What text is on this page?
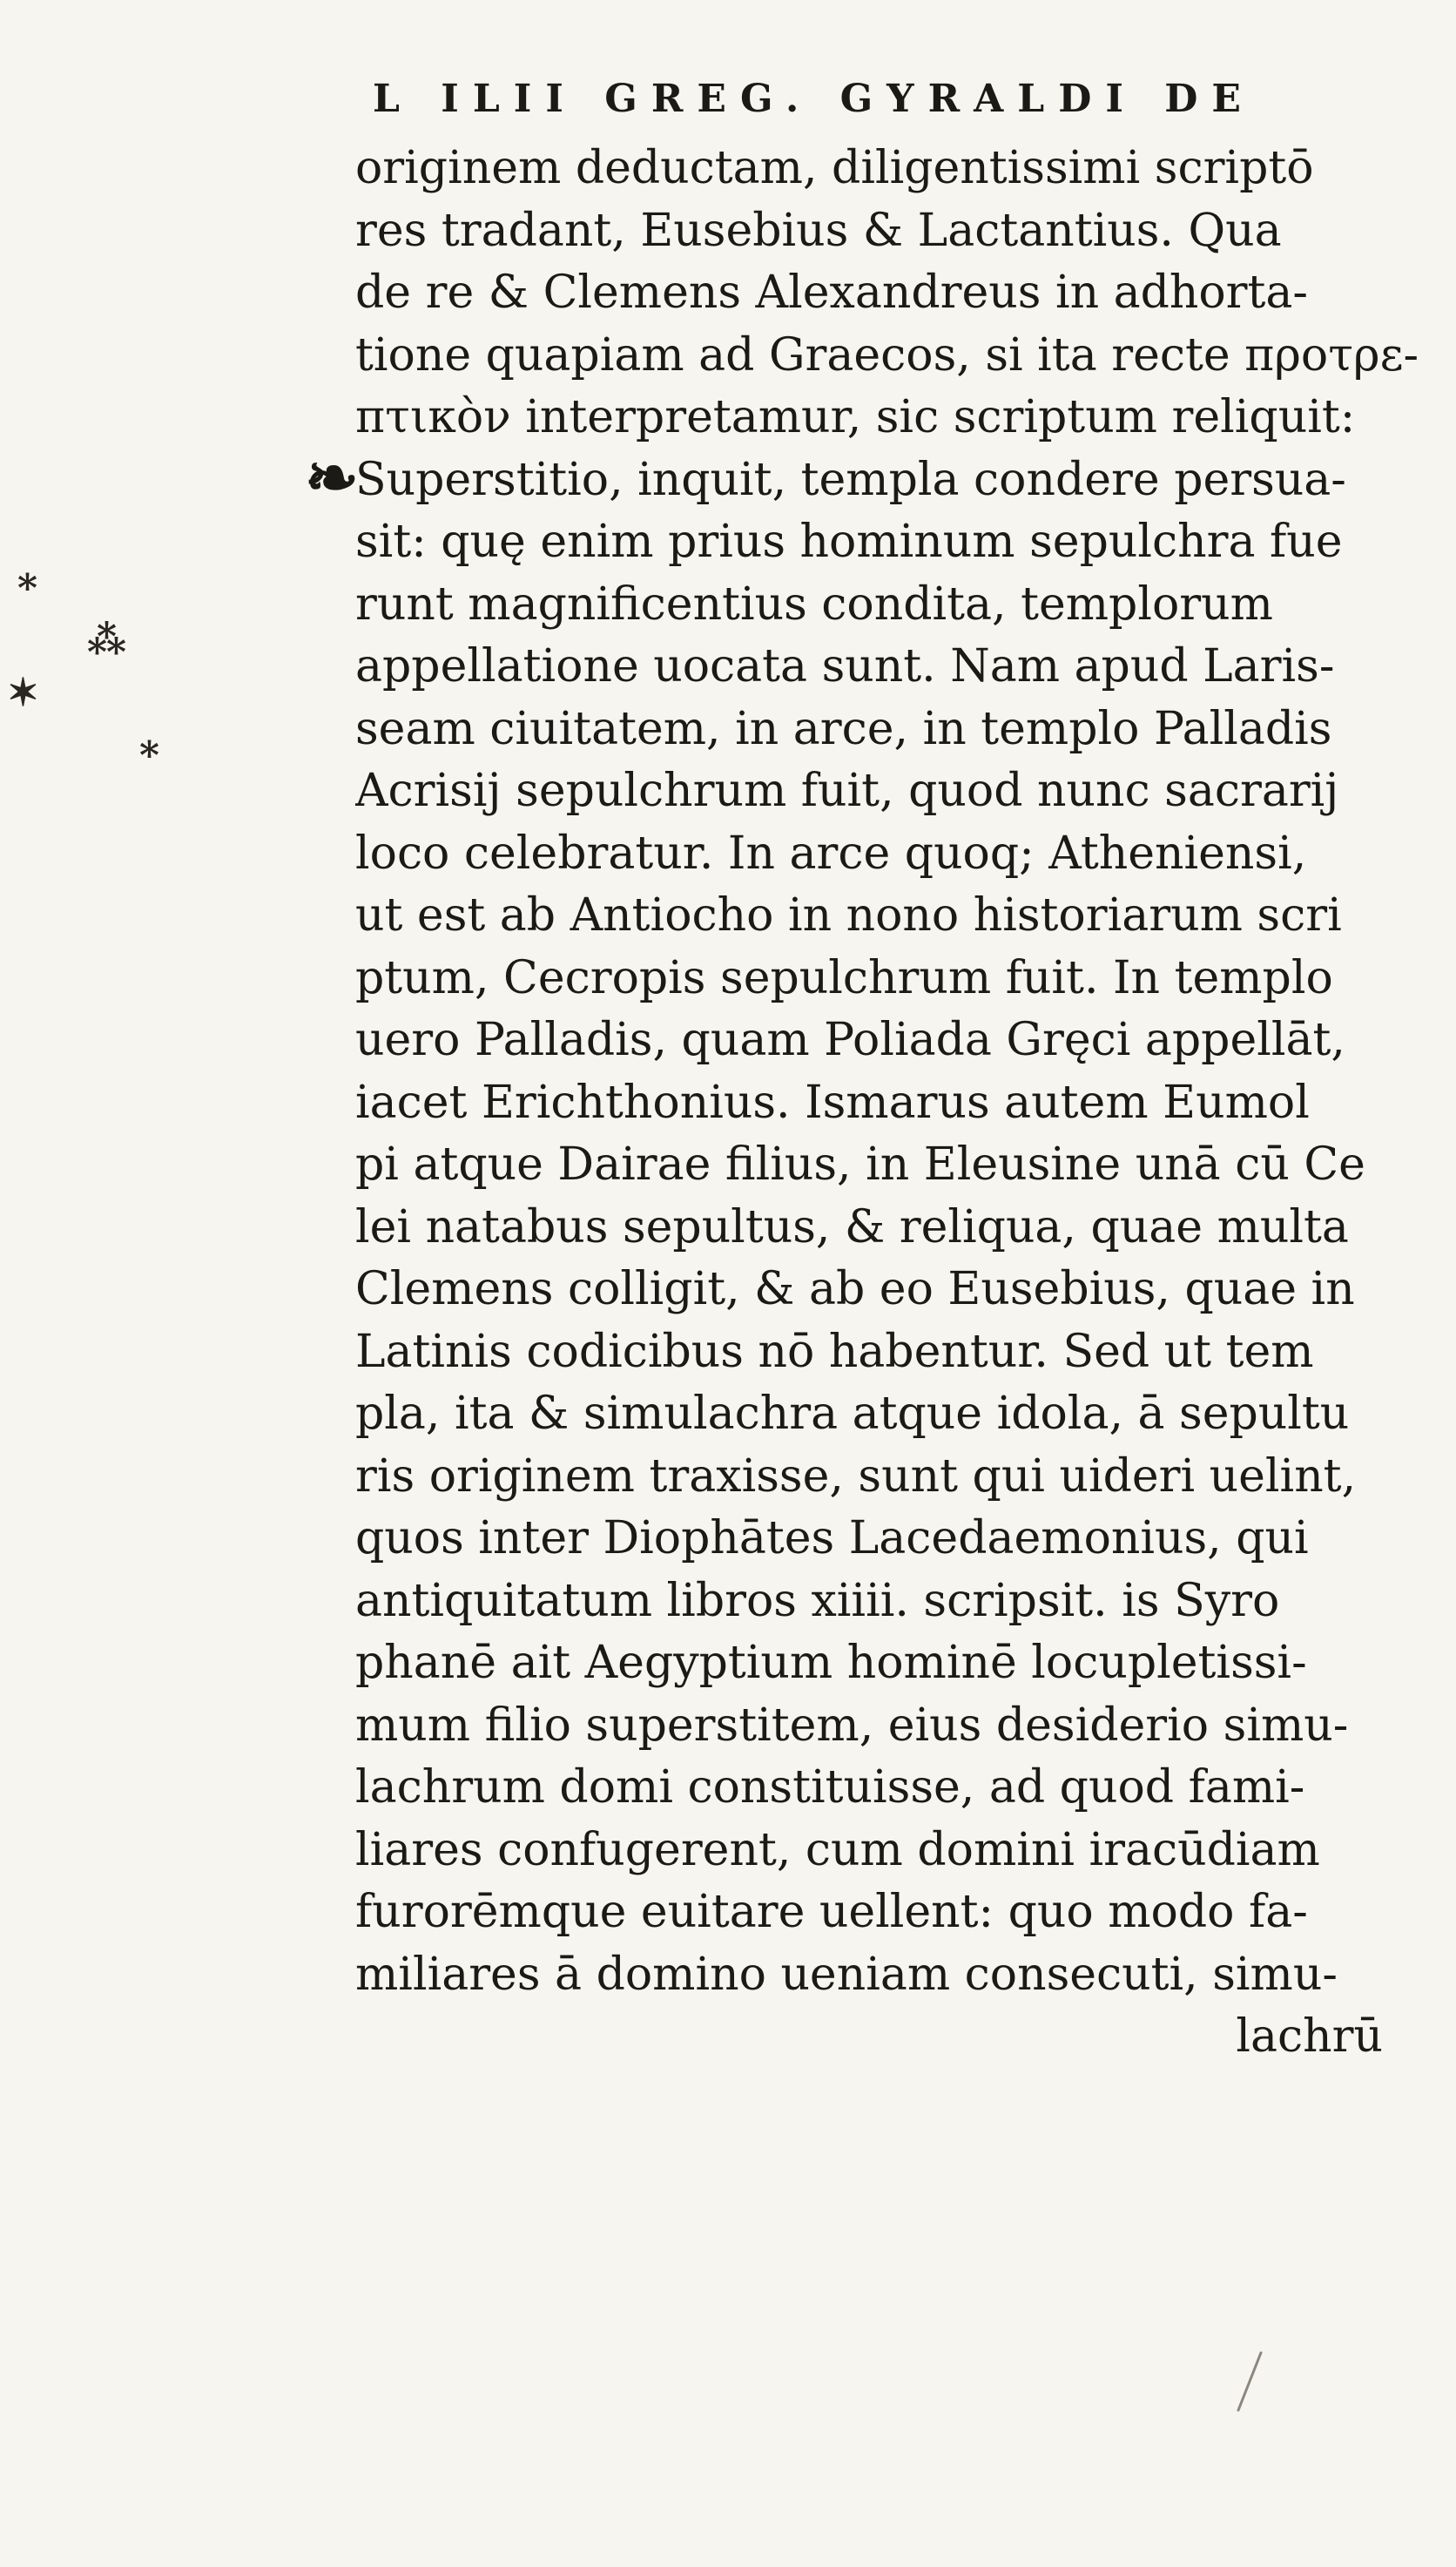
L ILII GREG. GYRALDI DE
❧
*
⁂
✶
⁎
originem deductam, diligentissimi scriptō
res tradant, Eusebius & Lactantius. Qua
de re & Clemens Alexandreus in adhorta-
tione quapiam ad Graecos, si ita recte προτρε-
πτικὸν interpretamur, sic scriptum reliquit:
Superstitio, inquit, templa condere persua-
sit: quę enim prius hominum sepulchra fue
runt magnificentius condita, templorum
appellatione uocata sunt. Nam apud Laris-
seam ciuitatem, in arce, in templo Palladis
Acrisij sepulchrum fuit, quod nunc sacrarij
loco celebratur. In arce quoq; Atheniensi,
ut est ab Antiocho in nono historiarum scri
ptum, Cecropis sepulchrum fuit. In templo
uero Palladis, quam Poliada Gręci appellāt,
iacet Erichthonius. Ismarus autem Eumol
pi atque Dairae filius, in Eleusine unā cū Ce
lei natabus sepultus, & reliqua, quae multa
Clemens colligit, & ab eo Eusebius, quae in
Latinis codicibus nō habentur. Sed ut tem
pla, ita & simulachra atque idola, ā sepultu
ris originem traxisse, sunt qui uideri uelint,
quos inter Diophātes Lacedaemonius, qui
antiquitatum libros xiiii. scripsit. is Syro
phanē ait Aegyptium hominē locupletissi-
mum filio superstitem, eius desiderio simu-
lachrum domi constituisse, ad quod fami-
liares confugerent, cum domini iracūdiam
furorēmque euitare uellent: quo modo fa-
miliares ā domino ueniam consecuti, simu-
lachrū
